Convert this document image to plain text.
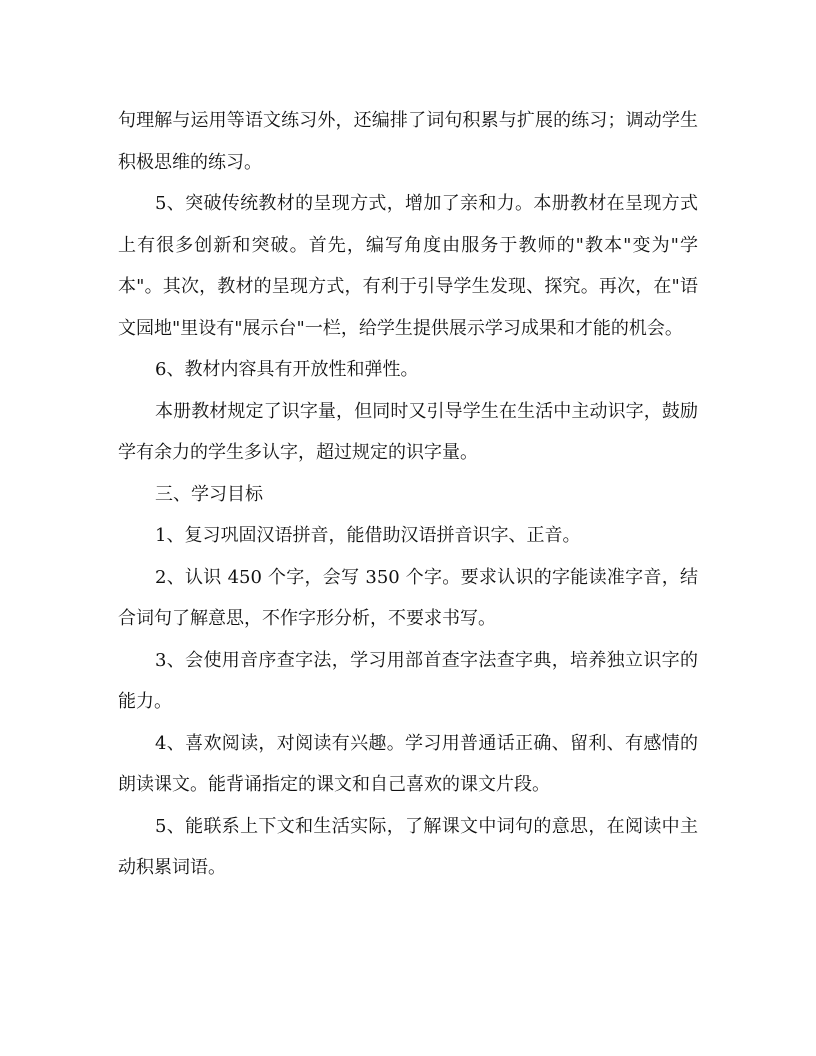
句理解与运用等语文练习外，还编排了词句积累与扩展的练习；调动学生积极思维的练习。

5、突破传统教材的呈现方式，增加了亲和力。本册教材在呈现方式上有很多创新和突破。首先，编写角度由服务于教师的"教本"变为"学本"。其次，教材的呈现方式，有利于引导学生发现、探究。再次，在"语文园地"里设有"展示台"一栏，给学生提供展示学习成果和才能的机会。

6、教材内容具有开放性和弹性。

本册教材规定了识字量，但同时又引导学生在生活中主动识字，鼓励学有余力的学生多认字，超过规定的识字量。

三、学习目标

1、复习巩固汉语拼音，能借助汉语拼音识字、正音。

2、认识 450 个字，会写 350 个字。要求认识的字能读准字音，结合词句了解意思，不作字形分析，不要求书写。

3、会使用音序查字法，学习用部首查字法查字典，培养独立识字的能力。

4、喜欢阅读，对阅读有兴趣。学习用普通话正确、留利、有感情的朗读课文。能背诵指定的课文和自己喜欢的课文片段。

5、能联系上下文和生活实际，了解课文中词句的意思，在阅读中主动积累词语。
